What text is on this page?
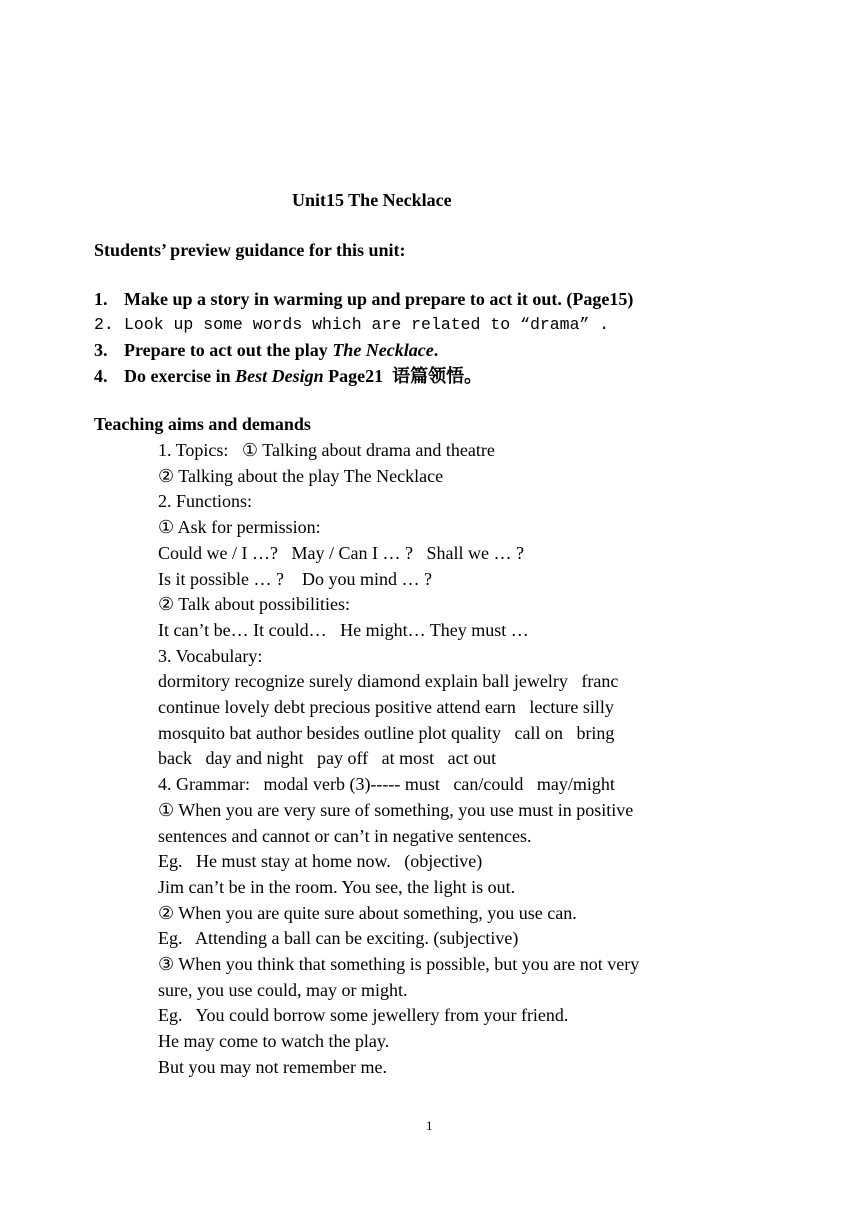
Unit15 The Necklace
Students’ preview guidance for this unit:
1. Make up a story in warming up and prepare to act it out. (Page15)
2. Look up some words which are related to “drama” .
3. Prepare to act out the play The Necklace.
4. Do exercise in Best Design Page21  语篇领悟。
Teaching aims and demands
1. Topics:   ① Talking about drama and theatre
② Talking about the play The Necklace
2. Functions:
① Ask for permission:
Could we / I …?   May / Can I … ?   Shall we … ?
Is it possible … ?    Do you mind … ?
② Talk about possibilities:
It can’t be… It could…   He might… They must …
3. Vocabulary:
dormitory recognize surely diamond explain ball jewelry   franc
continue lovely debt precious positive attend earn   lecture silly
mosquito bat author besides outline plot quality   call on   bring
back   day and night   pay off   at most   act out
4. Grammar:   modal verb (3)----- must   can/could   may/might
① When you are very sure of something, you use must in positive
sentences and cannot or can’t in negative sentences.
Eg.   He must stay at home now.   (objective)
Jim can’t be in the room. You see, the light is out.
② When you are quite sure about something, you use can.
Eg.   Attending a ball can be exciting. (subjective)
③ When you think that something is possible, but you are not very
sure, you use could, may or might.
Eg.   You could borrow some jewellery from your friend.
He may come to watch the play.
But you may not remember me.
1
